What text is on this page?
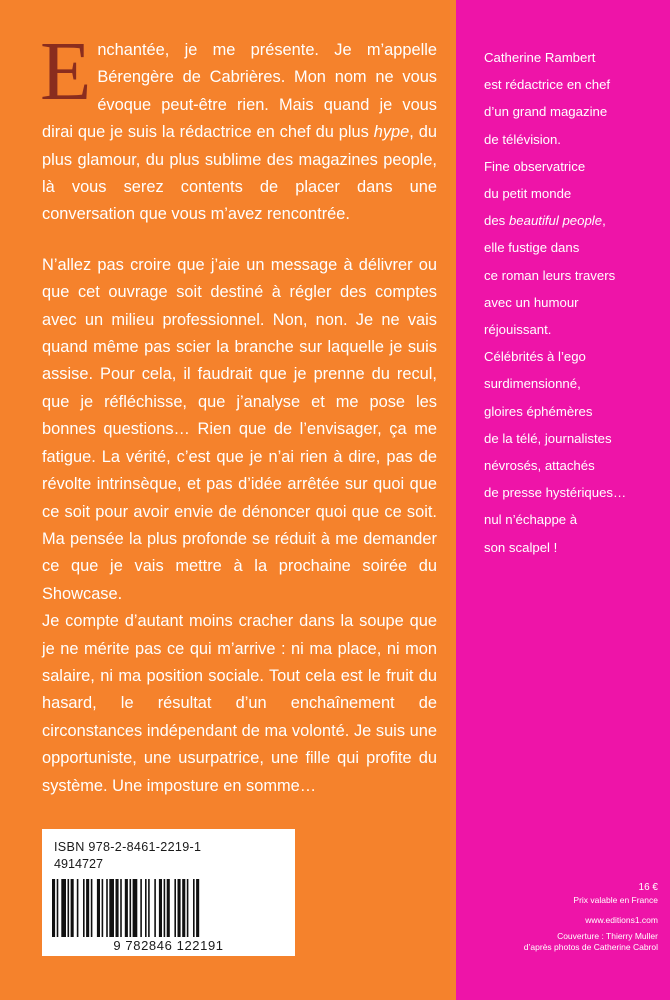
Enchantée, je me présente. Je m’appelle Bérengère de Cabrières. Mon nom ne vous évoque peut-être rien. Mais quand je vous dirai que je suis la rédactrice en chef du plus hype, du plus glamour, du plus sublime des magazines people, là vous serez contents de placer dans une conversation que vous m’avez rencontrée.

N’allez pas croire que j’aie un message à délivrer ou que cet ouvrage soit destiné à régler des comptes avec un milieu professionnel. Non, non. Je ne vais quand même pas scier la branche sur laquelle je suis assise. Pour cela, il faudrait que je prenne du recul, que je réfléchisse, que j’analyse et me pose les bonnes questions… Rien que de l’envisager, ça me fatigue. La vérité, c’est que je n’ai rien à dire, pas de révolte intrinsèque, et pas d’idée arrêtée sur quoi que ce soit pour avoir envie de dénoncer quoi que ce soit. Ma pensée la plus profonde se réduit à me demander ce que je vais mettre à la prochaine soirée du Showcase.

Je compte d’autant moins cracher dans la soupe que je ne mérite pas ce qui m’arrive : ni ma place, ni mon salaire, ni ma position sociale. Tout cela est le fruit du hasard, le résultat d’un enchaînement de circonstances indépendant de ma volonté. Je suis une opportuniste, une usurpatrice, une fille qui profite du système. Une imposture en somme…

Catherine Rambert
est rédactrice en chef
d’un grand magazine
de télévision.
Fine observatrice
du petit monde
des beautiful people,
elle fustige dans
ce roman leurs travers
avec un humour
réjouissant.
Célébrités à l’ego
surdimensionné,
gloires éphémères
de la télé, journalistes
névrosés, attachés
de presse hystériques…
nul n’échappe à
son scalpel !
ISBN 978-2-8461-2219-1
4914727
9 782846 122191
16 €
Prix valable en France
www.editions1.com
Couverture : Thierry Muller
d’après photos de Catherine Cabrol
